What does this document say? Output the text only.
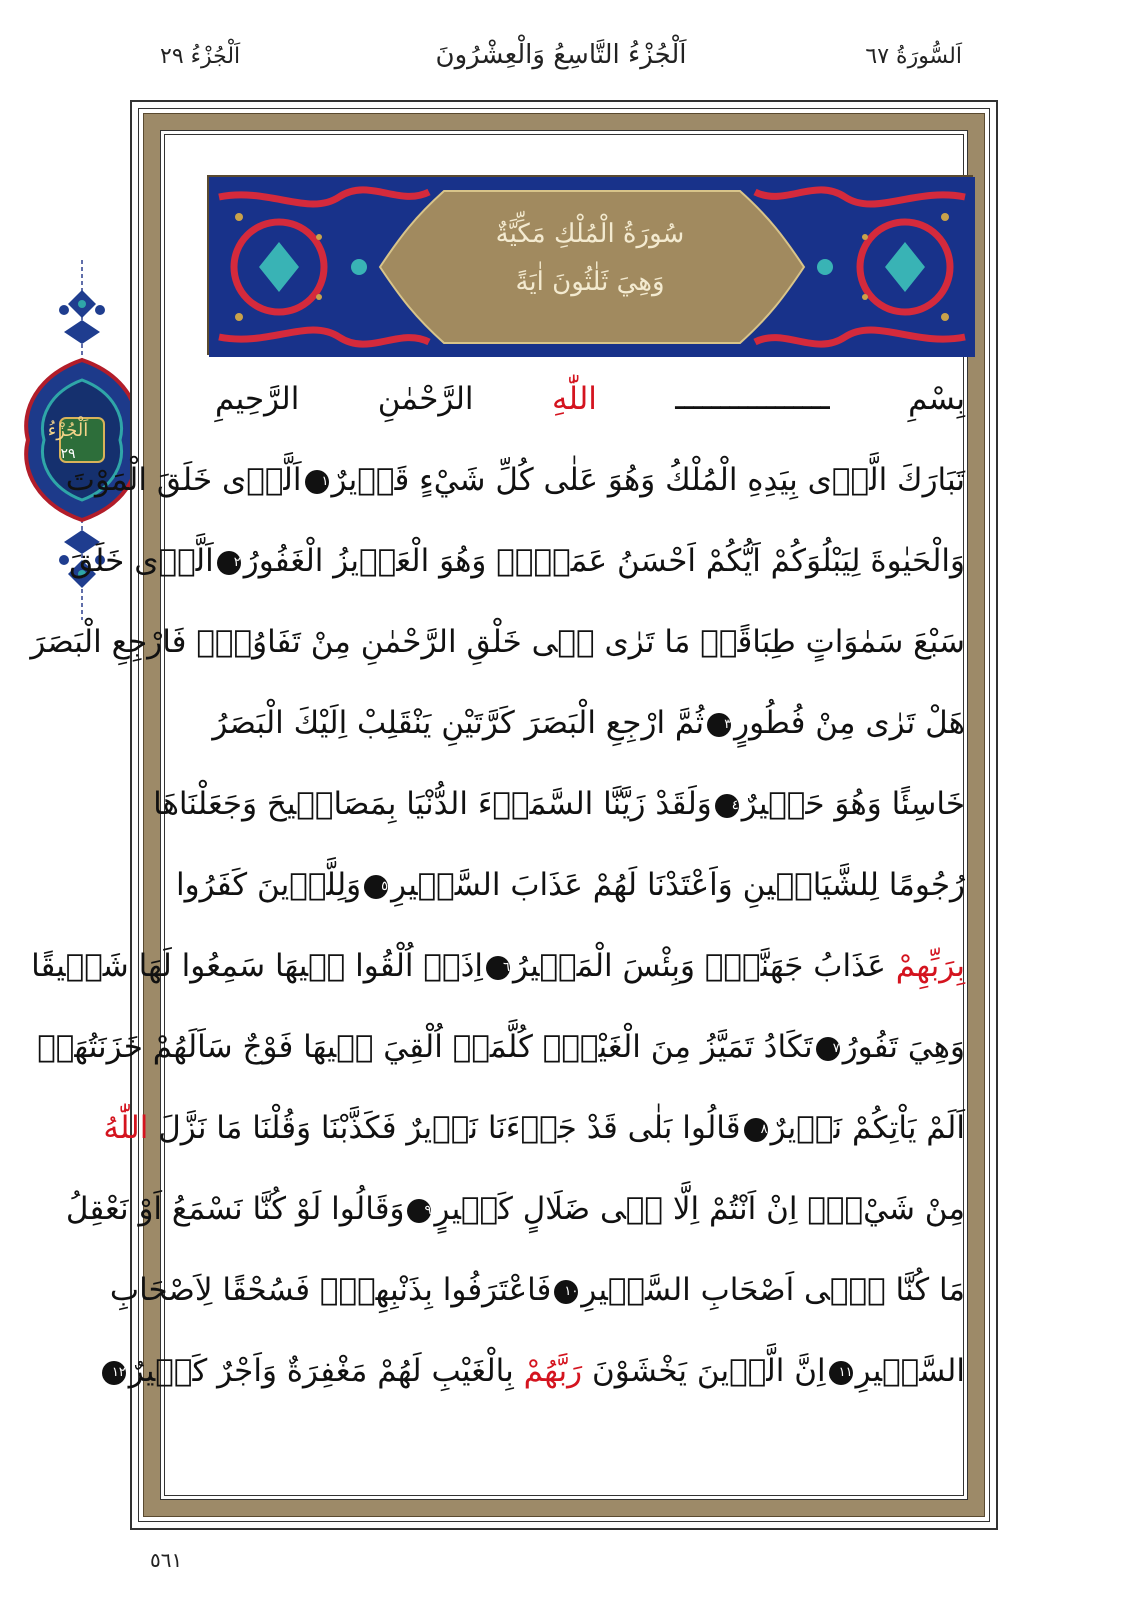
اَلسُّورَةُ ٦٧
اَلْجُزْءُ التَّاسِعُ وَالْعِشْرُونَ
اَلْجُزْءُ ٢٩
اَلْجُزْءُ
٢٩
سُورَةُ الْمُلْكِ مَكِّيَّةٌ
وَهِيَ ثَلٰثُونَ اٰيَةً
بِسْمِ ـــــــــــــــــ اللّٰهِ الرَّحْمٰنِ الرَّحِيمِ
تَبَارَكَ الَّذٖى بِيَدِهِ الْمُلْكُ وَهُوَ عَلٰى كُلِّ شَيْءٍ قَدٖيرٌ١اَلَّذٖى خَلَقَ الْمَوْتَ
وَالْحَيٰوةَ لِيَبْلُوَكُمْ اَيُّكُمْ اَحْسَنُ عَمَلًاۜ وَهُوَ الْعَزٖيزُ الْغَفُورُ٢اَلَّذٖى خَلَقَ
سَبْعَ سَمٰوَاتٍ طِبَاقًاۜ مَا تَرٰى فٖى خَلْقِ الرَّحْمٰنِ مِنْ تَفَاوُتٍۜ فَارْجِعِ الْبَصَرَ
هَلْ تَرٰى مِنْ فُطُورٍ٣ثُمَّ ارْجِعِ الْبَصَرَ كَرَّتَيْنِ يَنْقَلِبْ اِلَيْكَ الْبَصَرُ
خَاسِئًا وَهُوَ حَسٖيرٌ٤وَلَقَدْ زَيَّنَّا السَّمَاۤءَ الدُّنْيَا بِمَصَابٖيحَ وَجَعَلْنَاهَا
رُجُومًا لِلشَّيَاطٖينِ وَاَعْتَدْنَا لَهُمْ عَذَابَ السَّعٖيرِ٥وَلِلَّذٖينَ كَفَرُوا
بِرَبِّهِمْ عَذَابُ جَهَنَّمَۜ وَبِئْسَ الْمَصٖيرُ٦اِذَاۤ اُلْقُوا فٖيهَا سَمِعُوا لَهَا شَهٖيقًا
وَهِيَ تَفُورُ٧تَكَادُ تَمَيَّزُ مِنَ الْغَيْظِۜ كُلَّمَاۤ اُلْقِيَ فٖيهَا فَوْجٌ سَاَلَهُمْ خَزَنَتُهَاۤ
اَلَمْ يَاْتِكُمْ نَذٖيرٌ٨قَالُوا بَلٰى قَدْ جَاۤءَنَا نَذٖيرٌ فَكَذَّبْنَا وَقُلْنَا مَا نَزَّلَ اللّٰهُ
مِنْ شَيْءٍۚ اِنْ اَنْتُمْ اِلَّا فٖى ضَلَالٍ كَبٖيرٍ٩وَقَالُوا لَوْ كُنَّا نَسْمَعُ اَوْ نَعْقِلُ
مَا كُنَّا فٖۤى اَصْحَابِ السَّعٖيرِ١٠فَاعْتَرَفُوا بِذَنْبِهِمْۚ فَسُحْقًا لِاَصْحَابِ
السَّعٖيرِ١١اِنَّ الَّذٖينَ يَخْشَوْنَ رَبَّهُمْ بِالْغَيْبِ لَهُمْ مَغْفِرَةٌ وَاَجْرٌ كَبٖيرٌ١٢
٥٦١
